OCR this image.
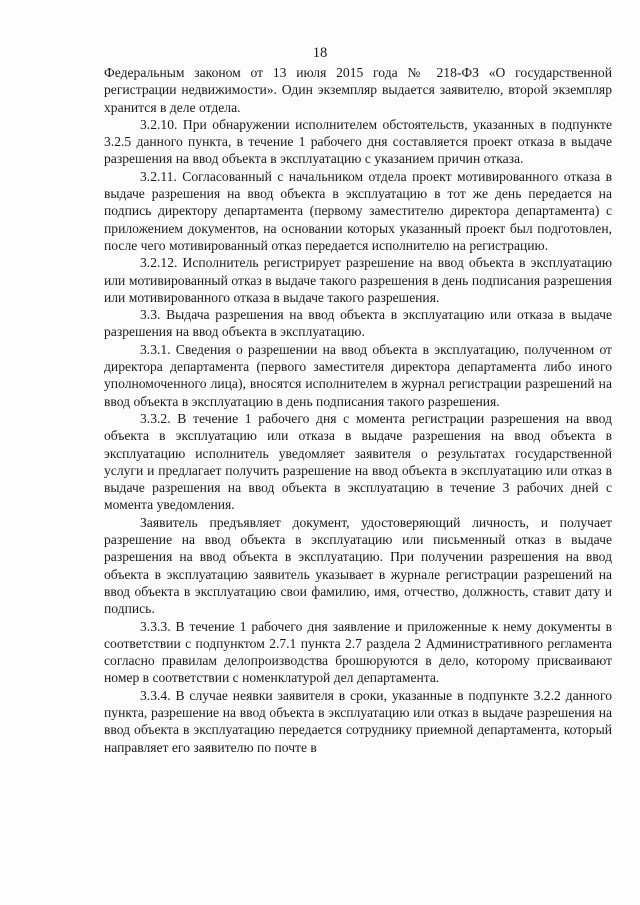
18

Федеральным законом от 13 июля 2015 года № 218-ФЗ «О государственной регистрации недвижимости». Один экземпляр выдается заявителю, второй экземпляр хранится в деле отдела.

3.2.10. При обнаружении исполнителем обстоятельств, указанных в подпункте 3.2.5 данного пункта, в течение 1 рабочего дня составляется проект отказа в выдаче разрешения на ввод объекта в эксплуатацию с указанием причин отказа.

3.2.11. Согласованный с начальником отдела проект мотивированного отказа в выдаче разрешения на ввод объекта в эксплуатацию в тот же день передается на подпись директору департамента (первому заместителю директора департамента) с приложением документов, на основании которых указанный проект был подготовлен, после чего мотивированный отказ передается исполнителю на регистрацию.

3.2.12. Исполнитель регистрирует разрешение на ввод объекта в эксплуатацию или мотивированный отказ в выдаче такого разрешения в день подписания разрешения или мотивированного отказа в выдаче такого разрешения.

3.3. Выдача разрешения на ввод объекта в эксплуатацию или отказа в выдаче разрешения на ввод объекта в эксплуатацию.

3.3.1. Сведения о разрешении на ввод объекта в эксплуатацию, полученном от директора департамента (первого заместителя директора департамента либо иного уполномоченного лица), вносятся исполнителем в журнал регистрации разрешений на ввод объекта в эксплуатацию в день подписания такого разрешения.

3.3.2. В течение 1 рабочего дня с момента регистрации разрешения на ввод объекта в эксплуатацию или отказа в выдаче разрешения на ввод объекта в эксплуатацию исполнитель уведомляет заявителя о результатах государственной услуги и предлагает получить разрешение на ввод объекта в эксплуатацию или отказ в выдаче разрешения на ввод объекта в эксплуатацию в течение 3 рабочих дней с момента уведомления.

Заявитель предъявляет документ, удостоверяющий личность, и получает разрешение на ввод объекта в эксплуатацию или письменный отказ в выдаче разрешения на ввод объекта в эксплуатацию. При получении разрешения на ввод объекта в эксплуатацию заявитель указывает в журнале регистрации разрешений на ввод объекта в эксплуатацию свои фамилию, имя, отчество, должность, ставит дату и подпись.

3.3.3. В течение 1 рабочего дня заявление и приложенные к нему документы в соответствии с подпунктом 2.7.1 пункта 2.7 раздела 2 Административного регламента согласно правилам делопроизводства брошюруются в дело, которому присваивают номер в соответствии с номенклатурой дел департамента.

3.3.4. В случае неявки заявителя в сроки, указанные в подпункте 3.2.2 данного пункта, разрешение на ввод объекта в эксплуатацию или отказ в выдаче разрешения на ввод объекта в эксплуатацию передается сотруднику приемной департамента, который направляет его заявителю по почте в
